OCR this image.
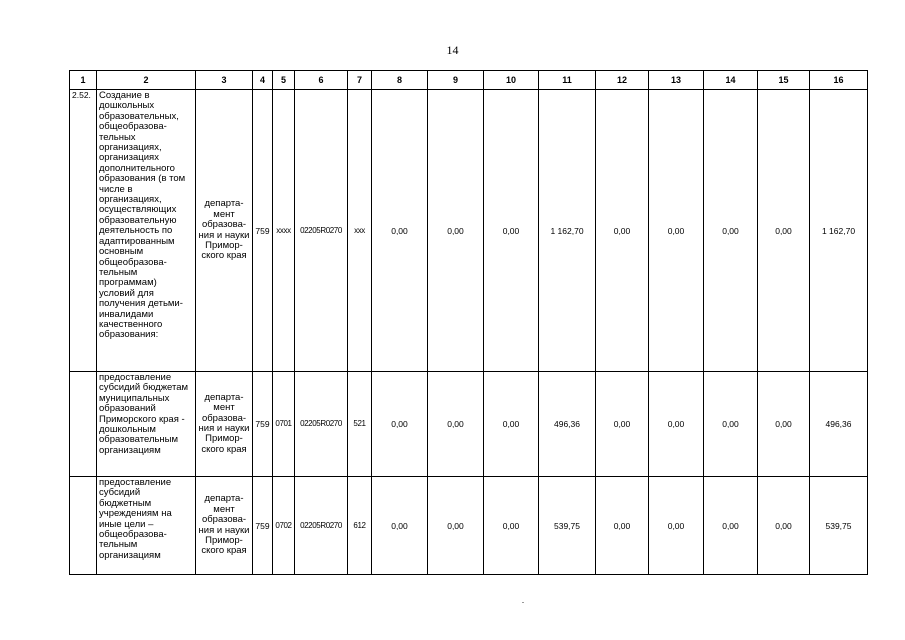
14
1	2	3	4	5	6	7	8	9	10	11	12	13	14	15	16
2.52.	Создание в дошкольных образовательных, общеобразова-тельных организациях, организациях дополнительного образования (в том числе в организациях, осуществляющих образовательную деятельность по адаптированным основным общеобразова-тельным программам) условий для получения детьми-инвалидами качественного образования:	департа-мент образова-ния и науки Примор-ского края	759	xxxx	02205R0270	xxx	0,00	0,00	0,00	1 162,70	0,00	0,00	0,00	0,00	1 162,70
	предоставление субсидий бюджетам муниципальных образований Приморского края - дошкольным образовательным организациям	департа-мент образова-ния и науки Примор-ского края	759	0701	02205R0270	521	0,00	0,00	0,00	496,36	0,00	0,00	0,00	0,00	496,36
	предоставление субсидий бюджетным учреждениям на иные цели – общеобразова-тельным организациям	департа-мент образова-ния и науки Примор-ского края	759	0702	02205R0270	612	0,00	0,00	0,00	539,75	0,00	0,00	0,00	0,00	539,75
